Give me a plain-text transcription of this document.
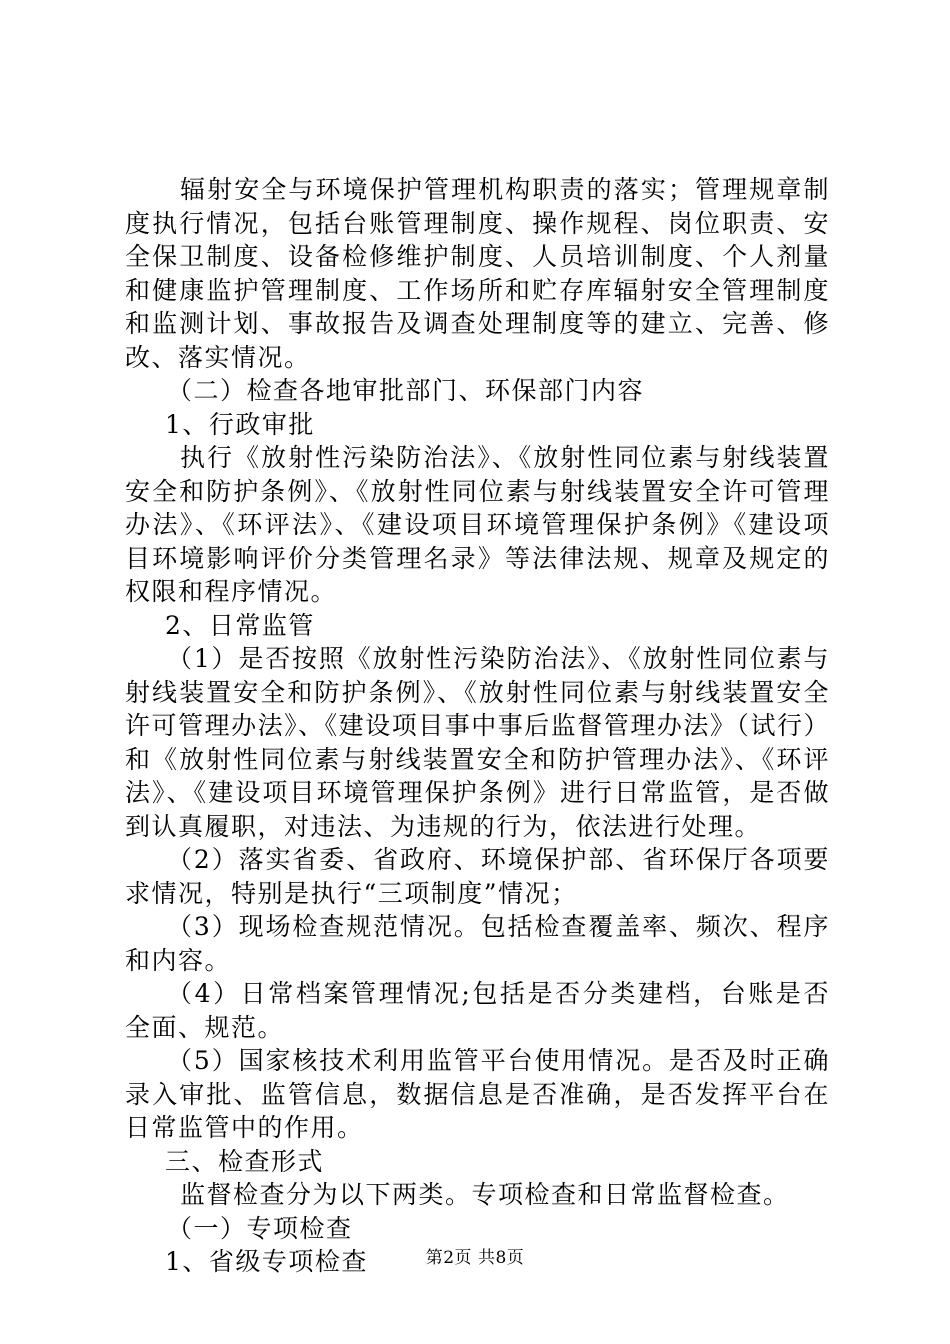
辐射安全与环境保护管理机构职责的落实；管理规章制度执行情况，包括台账管理制度、操作规程、岗位职责、安全保卫制度、设备检修维护制度、人员培训制度、个人剂量和健康监护管理制度、工作场所和贮存库辐射安全管理制度和监测计划、事故报告及调查处理制度等的建立、完善、修改、落实情况。

（二）检查各地审批部门、环保部门内容

1、行政审批

执行《放射性污染防治法》、《放射性同位素与射线装置安全和防护条例》、《放射性同位素与射线装置安全许可管理办法》、《环评法》、《建设项目环境管理保护条例》《建设项目环境影响评价分类管理名录》等法律法规、规章及规定的权限和程序情况。

2、日常监管

（1）是否按照《放射性污染防治法》、《放射性同位素与射线装置安全和防护条例》、《放射性同位素与射线装置安全许可管理办法》、《建设项目事中事后监督管理办法》（试行）和《放射性同位素与射线装置安全和防护管理办法》、《环评法》、《建设项目环境管理保护条例》进行日常监管，是否做到认真履职，对违法、为违规的行为，依法进行处理。

（2）落实省委、省政府、环境保护部、省环保厅各项要求情况，特别是执行“三项制度”情况；

（3）现场检查规范情况。包括检查覆盖率、频次、程序和内容。

（4）日常档案管理情况;包括是否分类建档，台账是否全面、规范。

（5）国家核技术利用监管平台使用情况。是否及时正确录入审批、监管信息，数据信息是否准确，是否发挥平台在日常监管中的作用。

三、检查形式

监督检查分为以下两类。专项检查和日常监督检查。

（一）专项检查

1、省级专项检查	第2页 共8页
